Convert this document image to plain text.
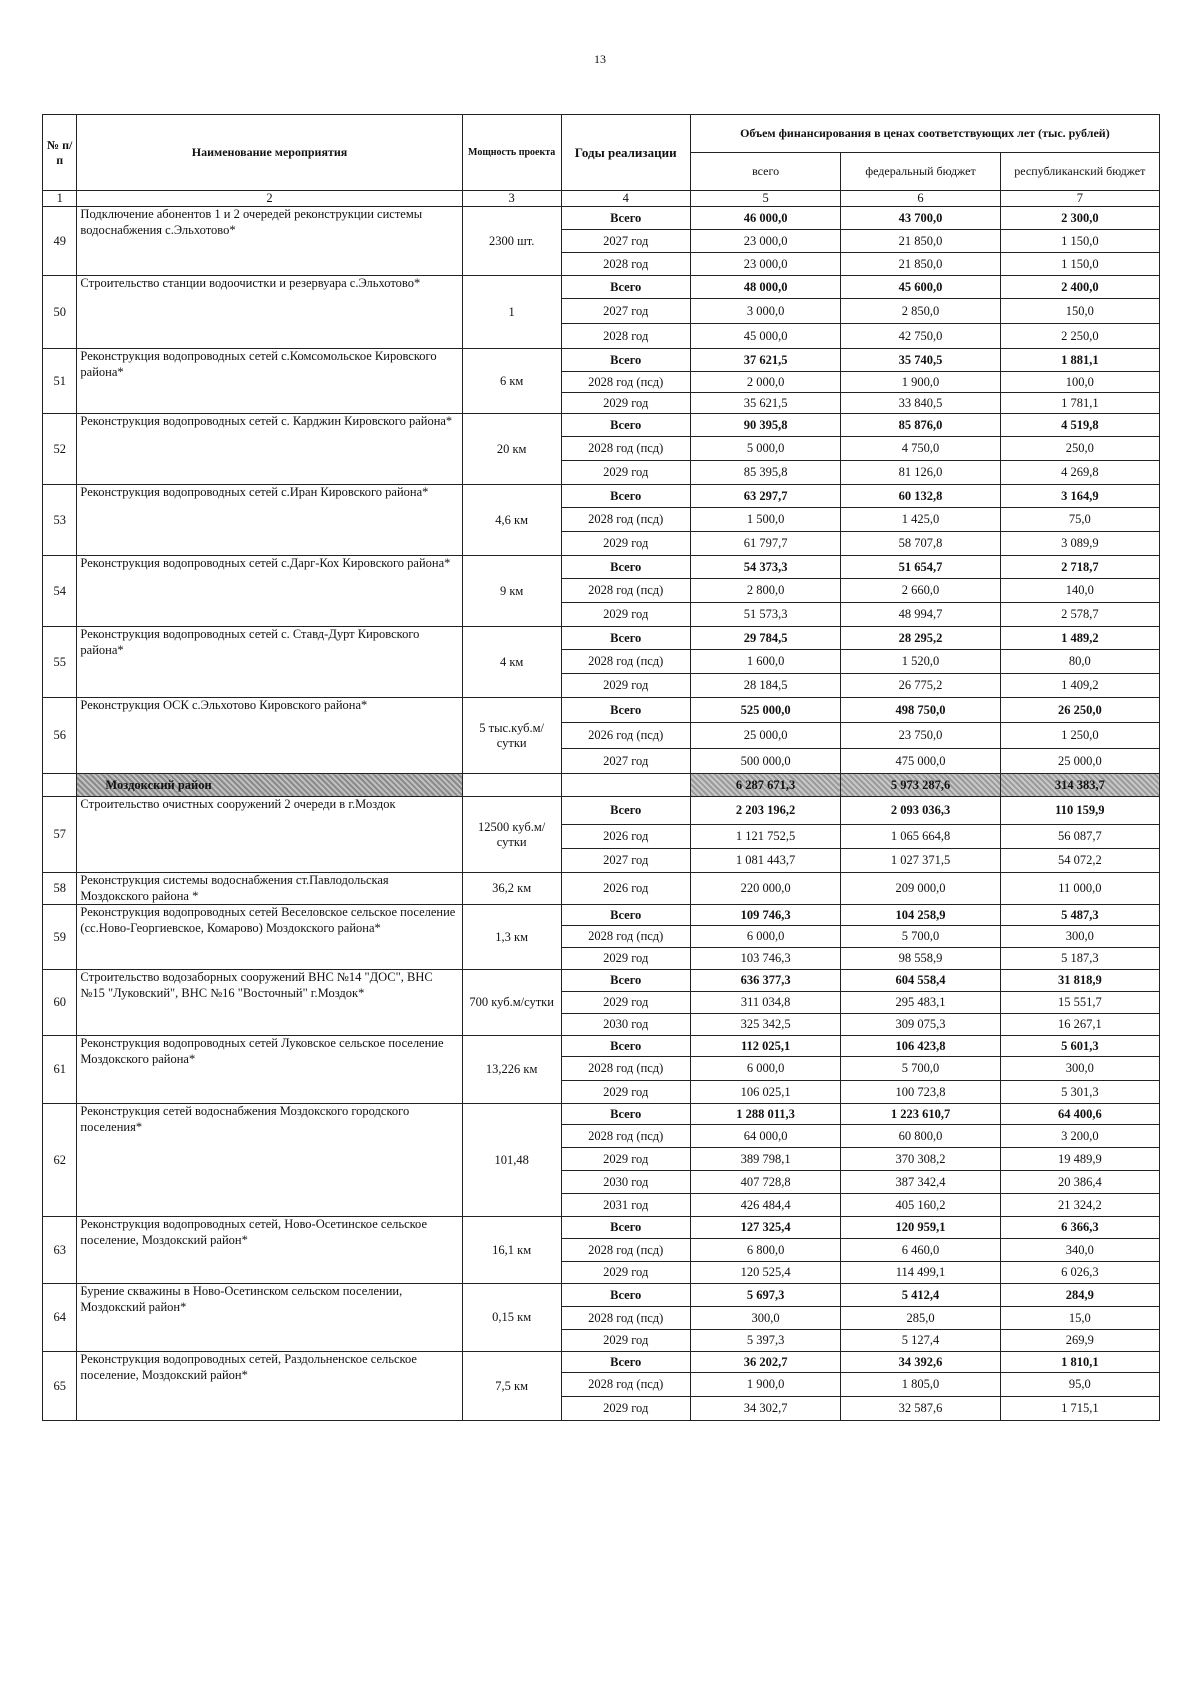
13
№ п/п	Наименование мероприятия	Мощность проекта	Годы реализации	Объем финансирования в ценах соответствующих лет (тыс. рублей)		
				всего	федеральный бюджет	республиканский бюджет
1	2	3	4	5	6	7
49	Подключение абонентов 1 и 2 очередей реконструкции системы водоснабжения с.Эльхотово*	2300 шт.	Всего	46 000,0	43 700,0	2 300,0
			2027 год	23 000,0	21 850,0	1 150,0
			2028 год	23 000,0	21 850,0	1 150,0
50	Строительство станции водоочистки и резервуара с.Эльхотово*	1	Всего	48 000,0	45 600,0	2 400,0
			2027 год	3 000,0	2 850,0	150,0
			2028 год	45 000,0	42 750,0	2 250,0
51	Реконструкция водопроводных сетей с.Комсомольское Кировского района*	6 км	Всего	37 621,5	35 740,5	1 881,1
			2028 год (псд)	2 000,0	1 900,0	100,0
			2029 год	35 621,5	33 840,5	1 781,1
52	Реконструкция водопроводных сетей с. Карджин Кировского района*	20 км	Всего	90 395,8	85 876,0	4 519,8
			2028 год (псд)	5 000,0	4 750,0	250,0
			2029 год	85 395,8	81 126,0	4 269,8
53	Реконструкция водопроводных сетей с.Иран Кировского района*	4,6 км	Всего	63 297,7	60 132,8	3 164,9
			2028 год (псд)	1 500,0	1 425,0	75,0
			2029 год	61 797,7	58 707,8	3 089,9
54	Реконструкция водопроводных сетей с.Дарг-Кох Кировского района*	9 км	Всего	54 373,3	51 654,7	2 718,7
			2028 год (псд)	2 800,0	2 660,0	140,0
			2029 год	51 573,3	48 994,7	2 578,7
55	Реконструкция водопроводных сетей с. Ставд-Дурт Кировского района*	4 км	Всего	29 784,5	28 295,2	1 489,2
			2028 год (псд)	1 600,0	1 520,0	80,0
			2029 год	28 184,5	26 775,2	1 409,2
56	Реконструкция ОСК с.Эльхотово Кировского района*	5 тыс.куб.м/сутки	Всего	525 000,0	498 750,0	26 250,0
			2026 год (псд)	25 000,0	23 750,0	1 250,0
			2027 год	500 000,0	475 000,0	25 000,0
	Моздокский район			6 287 671,3	5 973 287,6	314 383,7
57	Строительство очистных сооружений 2 очереди в г.Моздок	12500 куб.м/сутки	Всего	2 203 196,2	2 093 036,3	110 159,9
			2026 год	1 121 752,5	1 065 664,8	56 087,7
			2027 год	1 081 443,7	1 027 371,5	54 072,2
58	Реконструкция системы водоснабжения ст.Павлодольская Моздокского района *	36,2 км	2026 год	220 000,0	209 000,0	11 000,0
59	Реконструкция водопроводных сетей Веселовское сельское поселение (сс.Ново-Георгиевское, Комарово) Моздокского района*	1,3 км	Всего	109 746,3	104 258,9	5 487,3
			2028 год (псд)	6 000,0	5 700,0	300,0
			2029 год	103 746,3	98 558,9	5 187,3
60	Строительство водозаборных сооружений ВНС №14 "ДОС", ВНС №15 "Луковский", ВНС №16 "Восточный" г.Моздок*	700 куб.м/сутки	Всего	636 377,3	604 558,4	31 818,9
			2029 год	311 034,8	295 483,1	15 551,7
			2030 год	325 342,5	309 075,3	16 267,1
61	Реконструкция водопроводных сетей Луковское сельское поселение Моздокского района*	13,226 км	Всего	112 025,1	106 423,8	5 601,3
			2028 год (псд)	6 000,0	5 700,0	300,0
			2029 год	106 025,1	100 723,8	5 301,3
62	Реконструкция сетей водоснабжения Моздокского городского поселения*	101,48	Всего	1 288 011,3	1 223 610,7	64 400,6
			2028 год (псд)	64 000,0	60 800,0	3 200,0
			2029 год	389 798,1	370 308,2	19 489,9
			2030 год	407 728,8	387 342,4	20 386,4
			2031 год	426 484,4	405 160,2	21 324,2
63	Реконструкция водопроводных сетей, Ново-Осетинское сельское поселение, Моздокский район*	16,1 км	Всего	127 325,4	120 959,1	6 366,3
			2028 год (псд)	6 800,0	6 460,0	340,0
			2029 год	120 525,4	114 499,1	6 026,3
64	Бурение скважины в Ново-Осетинском сельском поселении, Моздокский район*	0,15 км	Всего	5 697,3	5 412,4	284,9
			2028 год (псд)	300,0	285,0	15,0
			2029 год	5 397,3	5 127,4	269,9
65	Реконструкция водопроводных сетей, Раздольненское сельское поселение, Моздокский район*	7,5 км	Всего	36 202,7	34 392,6	1 810,1
			2028 год (псд)	1 900,0	1 805,0	95,0
			2029 год	34 302,7	32 587,6	1 715,1
